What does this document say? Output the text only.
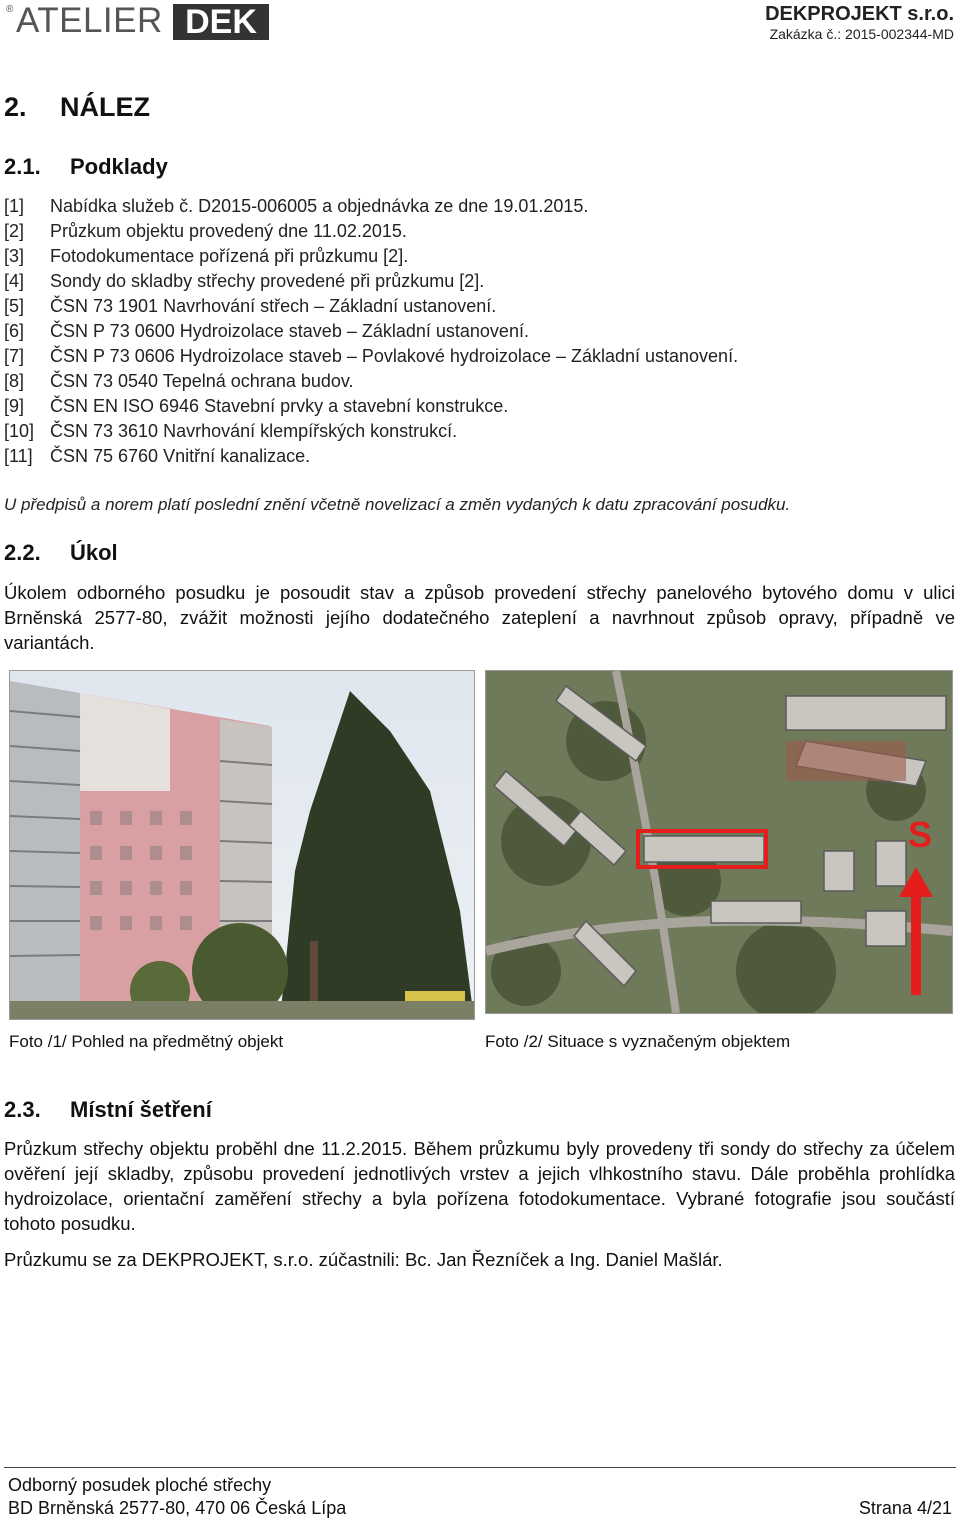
® ATELIER DEK	DEKPROJEKT s.r.o.
Zakázka č.: 2015-002344-MD
2. NÁLEZ
2.1. Podklady
[1]	Nabídka služeb č. D2015-006005 a objednávka ze dne 19.01.2015.
[2]	Průzkum objektu provedený dne 11.02.2015.
[3]	Fotodokumentace pořízená při průzkumu [2].
[4]	Sondy do skladby střechy provedené při průzkumu [2].
[5]	ČSN 73 1901 Navrhování střech – Základní ustanovení.
[6]	ČSN P 73 0600 Hydroizolace staveb – Základní ustanovení.
[7]	ČSN P 73 0606 Hydroizolace staveb – Povlakové hydroizolace – Základní ustanovení.
[8]	ČSN 73 0540 Tepelná ochrana budov.
[9]	ČSN EN ISO 6946 Stavební prvky a stavební konstrukce.
[10] ČSN 73 3610 Navrhování klempířských konstrukcí.
[11] ČSN 75 6760 Vnitřní kanalizace.
U předpisů a norem platí poslední znění včetně novelizací a změn vydaných k datu zpracování posudku.
2.2. Úkol
Úkolem odborného posudku je posoudit stav a způsob provedení střechy panelového bytového domu v ulici Brněnská 2577-80, zvážit možnosti jejího dodatečného zateplení a navrhnout způsob opravy, případně ve variantách.
S
Foto /1/ Pohled na předmětný objekt	Foto /2/ Situace s vyznačeným objektem
2.3. Místní šetření
Průzkum střechy objektu proběhl dne 11.2.2015. Během průzkumu byly provedeny tři sondy do střechy za účelem ověření její skladby, způsobu provedení jednotlivých vrstev a jejich vlhkostního stavu. Dále proběhla prohlídka hydroizolace, orientační zaměření střechy a byla pořízena fotodokumentace. Vybrané fotografie jsou součástí tohoto posudku.
Průzkumu se za DEKPROJEKT, s.r.o. zúčastnili: Bc. Jan Řezníček a Ing. Daniel Mašlár.
Odborný posudek ploché střechy
BD Brněnská 2577-80, 470 06 Česká Lípa	Strana 4/21
